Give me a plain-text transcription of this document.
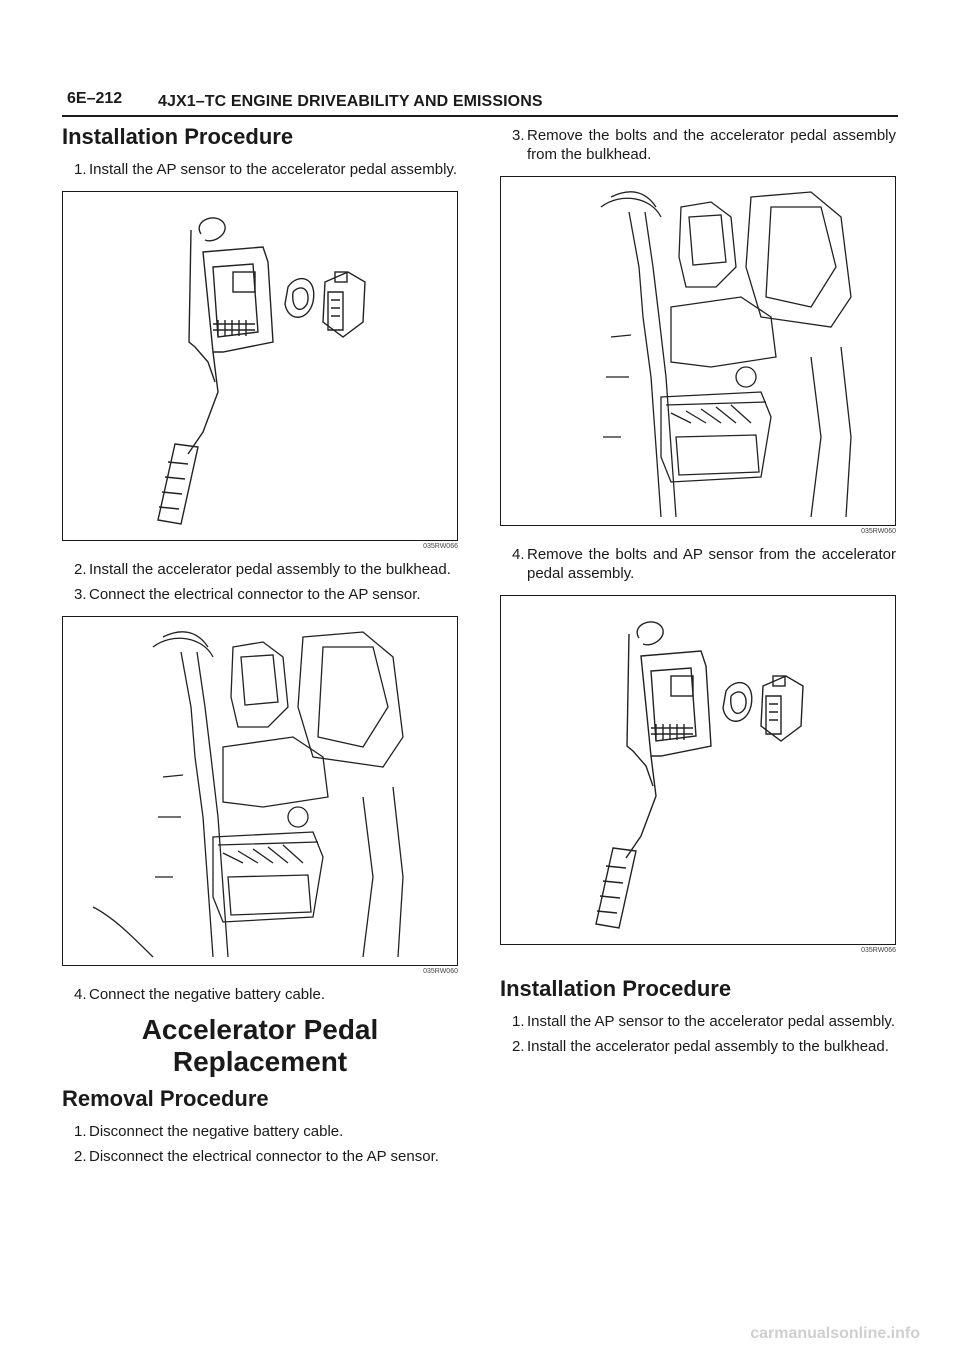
6E–212 4JX1–TC ENGINE DRIVEABILITY AND EMISSIONS
Installation Procedure

1. Install the AP sensor to the accelerator pedal assembly.

035RW066

2. Install the accelerator pedal assembly to the bulkhead.

3. Connect the electrical connector to the AP sensor.

035RW060

4. Connect the negative battery cable.

Accelerator Pedal Replacement
Removal Procedure

1. Disconnect the negative battery cable.

2. Disconnect the electrical connector to the AP sensor.

3. Remove the bolts and the accelerator pedal assembly from the bulkhead.

035RW060

4. Remove the bolts and AP sensor from the accelerator pedal assembly.

035RW066
Installation Procedure

1. Install the AP sensor to the accelerator pedal assembly.

2. Install the accelerator pedal assembly to the bulkhead.

carmanualsonline.info
